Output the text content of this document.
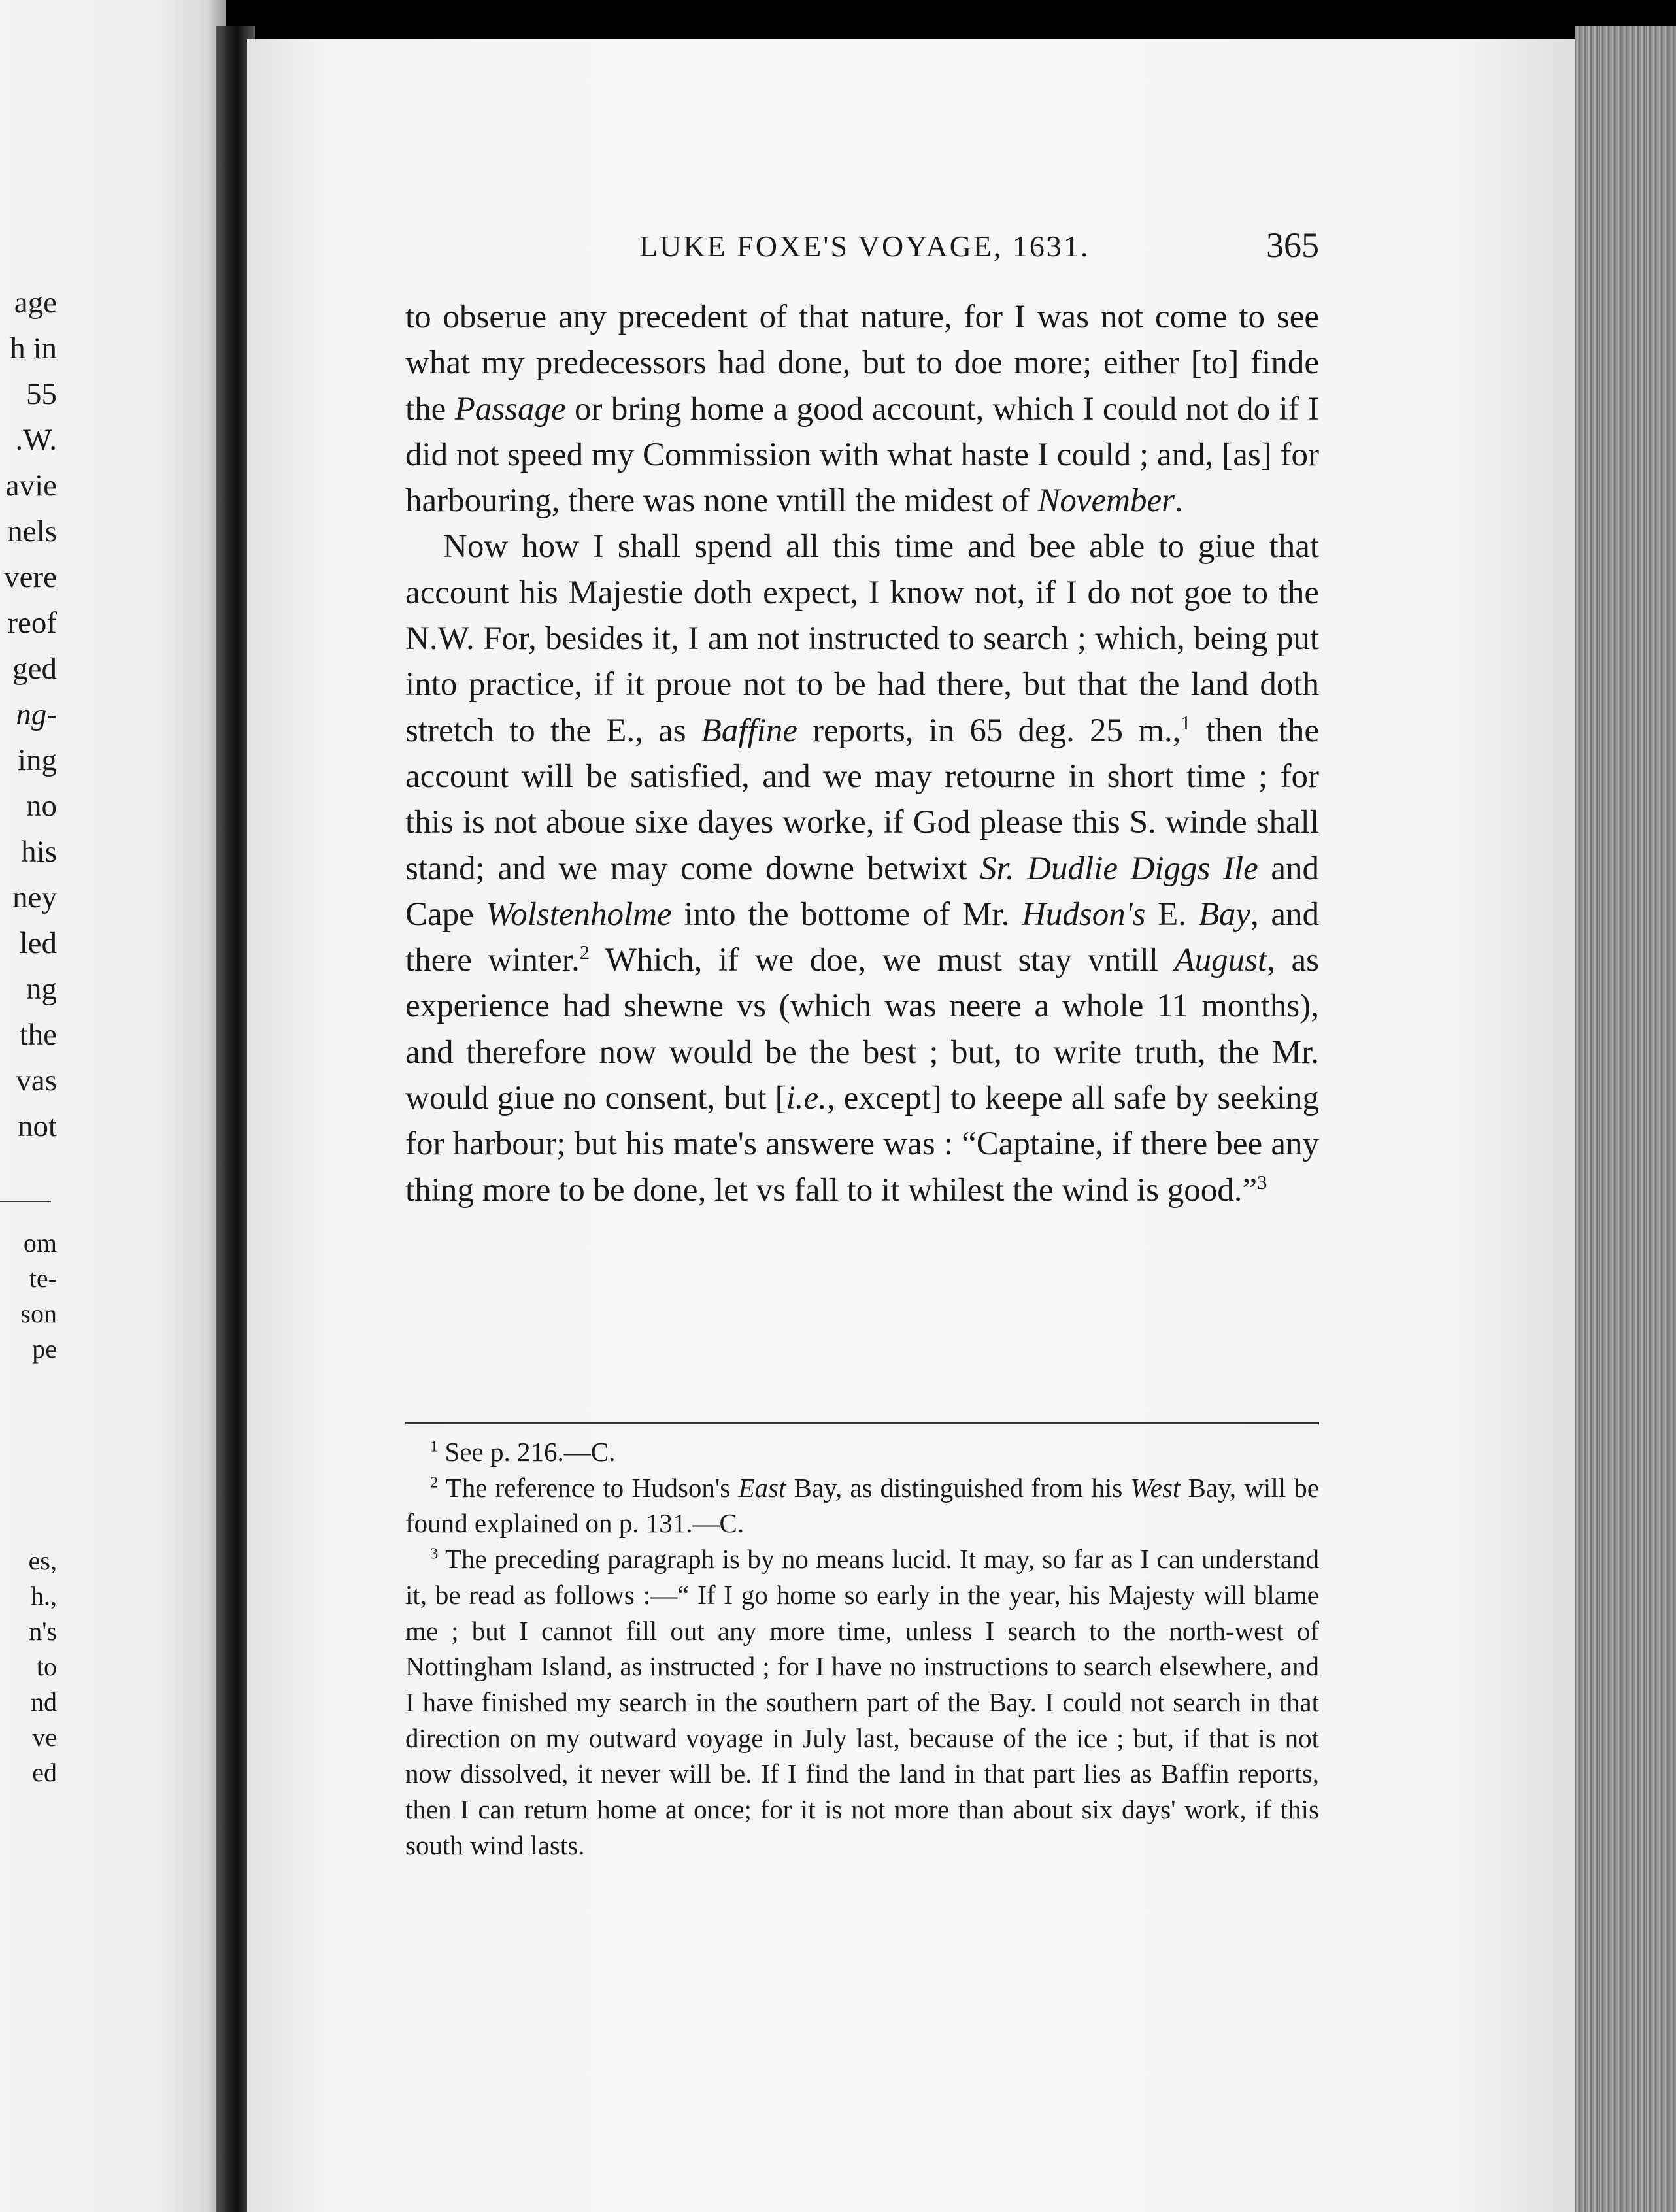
age
h in
55
.W.
avie
nels
vere
reof
ged
ng-
ing
no
his
ney
led
ng
the
vas
not
om
te-
son
pe
es,
h.,
n's
to
nd
ve
ed
LUKE FOXE'S VOYAGE, 1631.	365

to obserue any precedent of that nature, for I was not come to see what my predecessors had done, but to doe more; either [to] finde the Passage or bring home a good account, which I could not do if I did not speed my Commission with what haste I could ; and, [as] for harbouring, there was none vntill the midest of November.

Now how I shall spend all this time and bee able to giue that account his Majestie doth expect, I know not, if I do not goe to the N.W. For, besides it, I am not instructed to search ; which, being put into practice, if it proue not to be had there, but that the land doth stretch to the E., as Baffine reports, in 65 deg. 25 m.,$^1$ then the account will be satisfied, and we may retourne in short time ; for this is not aboue sixe dayes worke, if God please this S. winde shall stand; and we may come downe betwixt Sr. Dudlie Diggs Ile and Cape Wolstenholme into the bottome of Mr. Hudson's E. Bay, and there winter.$^2$ Which, if we doe, we must stay vntill August, as experience had shewne vs (which was neere a whole 11 months), and therefore now would be the best ; but, to write truth, the Mr. would giue no consent, but [i.e., except] to keepe all safe by seeking for harbour; but his mate's answere was : “Captaine, if there bee any thing more to be done, let vs fall to it whilest the wind is good.”$^3$

$^1$ See p. 216.—C.

$^2$ The reference to Hudson's East Bay, as distinguished from his West Bay, will be found explained on p. 131.—C.

$^3$ The preceding paragraph is by no means lucid. It may, so far as I can understand it, be read as follows :—“ If I go home so early in the year, his Majesty will blame me ; but I cannot fill out any more time, unless I search to the north-west of Nottingham Island, as instructed ; for I have no instructions to search elsewhere, and I have finished my search in the southern part of the Bay. I could not search in that direction on my outward voyage in July last, because of the ice ; but, if that is not now dissolved, it never will be. If I find the land in that part lies as Baffin reports, then I can return home at once; for it is not more than about six days' work, if this south wind lasts.
